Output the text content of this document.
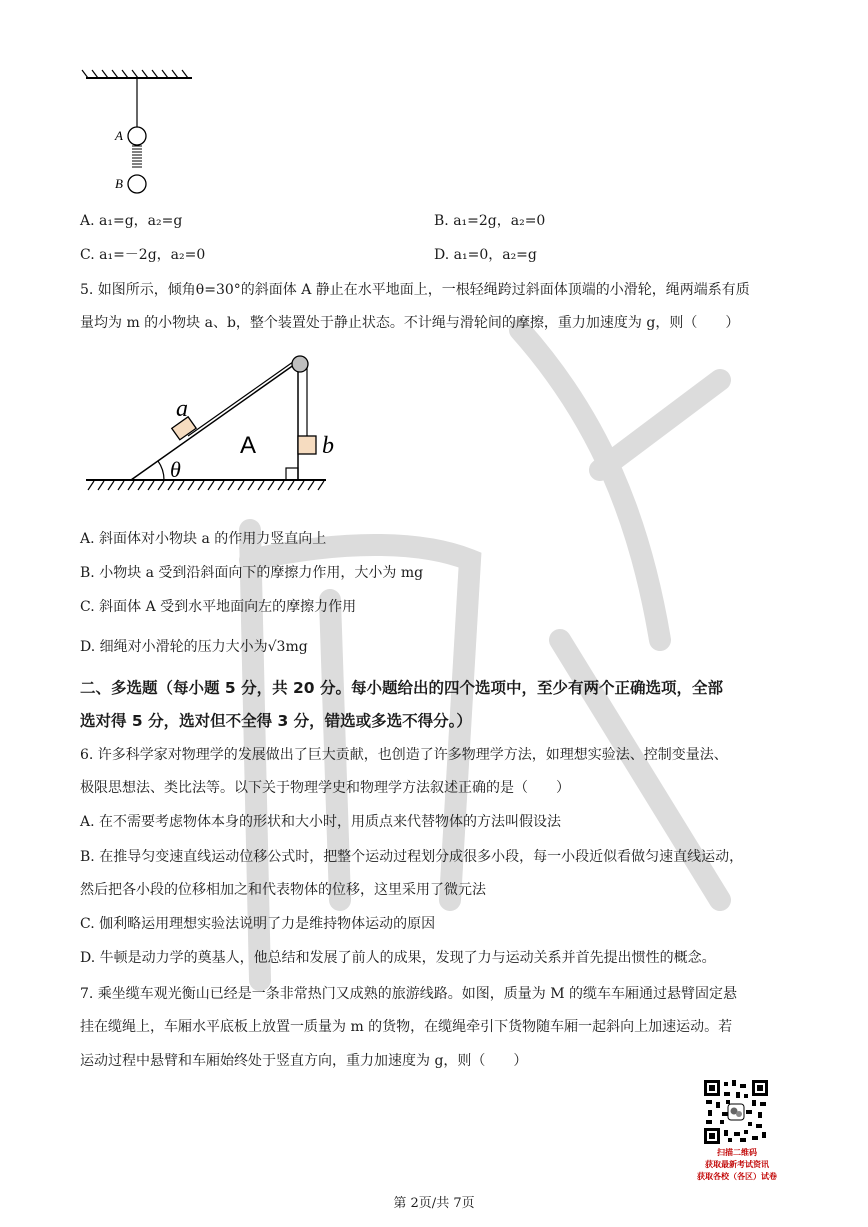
A
B
A. a₁=g，a₂=g	B. a₁=2g，a₂=0
C. a₁=－2g，a₂=0	D. a₁=0，a₂=g
5. 如图所示，倾角θ=30°的斜面体 A 静止在水平地面上，一根轻绳跨过斜面体顶端的小滑轮，绳两端系有质
量均为 m 的小物块 a、b，整个装置处于静止状态。不计绳与滑轮间的摩擦，重力加速度为 g，则（　　）
a
A	b
θ
A. 斜面体对小物块 a 的作用力竖直向上
B. 小物块 a 受到沿斜面向下的摩擦力作用，大小为 mg
C. 斜面体 A 受到水平地面向左的摩擦力作用
D. 细绳对小滑轮的压力大小为√3mg
二、多选题（每小题 5 分，共 20 分。每小题给出的四个选项中，至少有两个正确选项，全部
选对得 5 分，选对但不全得 3 分，错选或多选不得分。）
6. 许多科学家对物理学的发展做出了巨大贡献，也创造了许多物理学方法，如理想实验法、控制变量法、
极限思想法、类比法等。以下关于物理学史和物理学方法叙述正确的是（　　）
A. 在不需要考虑物体本身的形状和大小时，用质点来代替物体的方法叫假设法
B. 在推导匀变速直线运动位移公式时，把整个运动过程划分成很多小段，每一小段近似看做匀速直线运动，
然后把各小段的位移相加之和代表物体的位移，这里采用了微元法
C. 伽利略运用理想实验法说明了力是维持物体运动的原因
D. 牛顿是动力学的奠基人，他总结和发展了前人的成果，发现了力与运动关系并首先提出惯性的概念。
7. 乘坐缆车观光衡山已经是一条非常热门又成熟的旅游线路。如图，质量为 M 的缆车车厢通过悬臂固定悬
挂在缆绳上，车厢水平底板上放置一质量为 m 的货物，在缆绳牵引下货物随车厢一起斜向上加速运动。若
运动过程中悬臂和车厢始终处于竖直方向，重力加速度为 g，则（　　）
扫描二维码
获取最新考试资讯
获取各校（各区）试卷
第 2页/共 7页
